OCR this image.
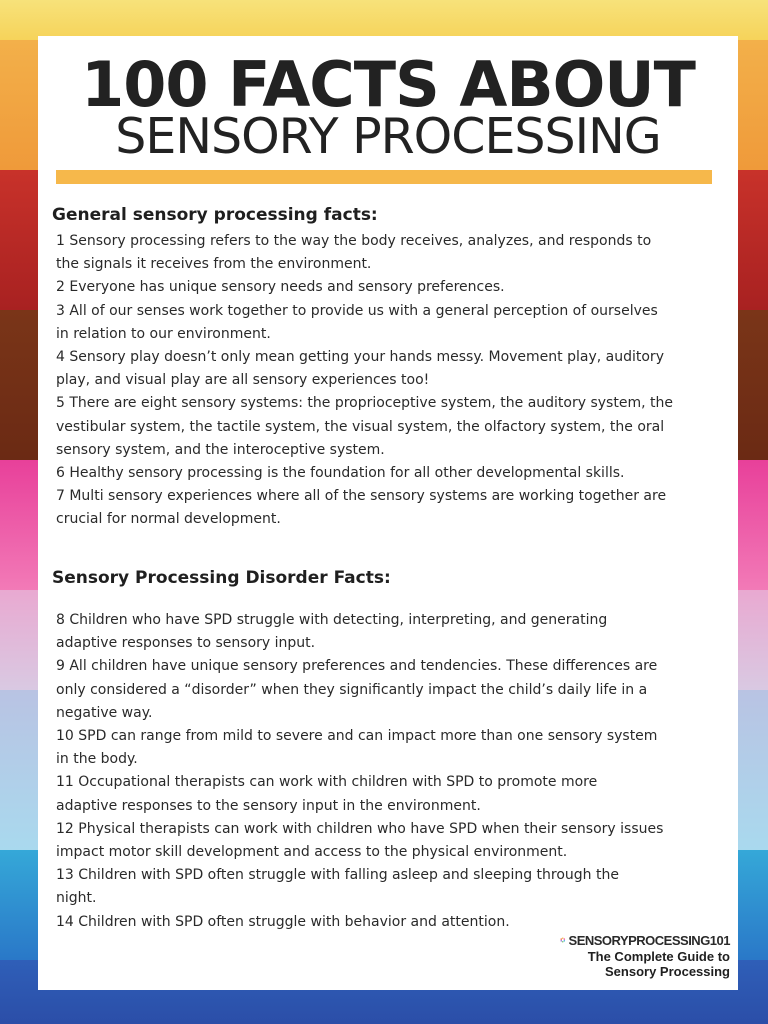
100 FACTS ABOUT
SENSORY PROCESSING
General sensory processing facts:
1 Sensory processing refers to the way the body receives, analyzes, and responds to
the signals it receives from the environment.
2 Everyone has unique sensory needs and sensory preferences.
3 All of our senses work together to provide us with a general perception of ourselves
in relation to our environment.
4 Sensory play doesn’t only mean getting your hands messy. Movement play, auditory
play, and visual play are all sensory experiences too!
5 There are eight sensory systems: the proprioceptive system, the auditory system, the
vestibular system, the tactile system, the visual system, the olfactory system, the oral
sensory system, and the interoceptive system.
6 Healthy sensory processing is the foundation for all other developmental skills.
7 Multi sensory experiences where all of the sensory systems are working together are
crucial for normal development.
Sensory Processing Disorder Facts:
8 Children who have SPD struggle with detecting, interpreting, and generating
adaptive responses to sensory input.
9 All children have unique sensory preferences and tendencies. These differences are
only considered a “disorder” when they significantly impact the child’s daily life in a
negative way.
10 SPD can range from mild to severe and can impact more than one sensory system
in the body.
11 Occupational therapists can work with children with SPD to promote more
adaptive responses to the sensory input in the environment.
12 Physical therapists can work with children who have SPD when their sensory issues
impact motor skill development and access to the physical environment.
13 Children with SPD often struggle with falling asleep and sleeping through the
night.
14 Children with SPD often struggle with behavior and attention.
SENSORYPROCESSING101
The Complete Guide to
Sensory Processing
